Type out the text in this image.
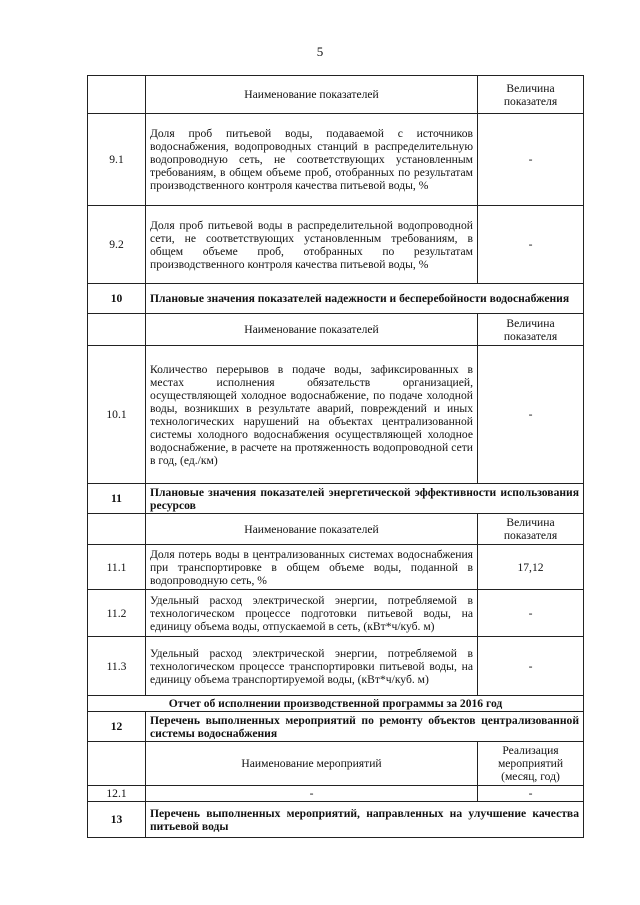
5
	Наименование показателей	Величина показателя
9.1	Доля проб питьевой воды, подаваемой с источников водоснабжения, водопроводных станций в распределительную водопроводную сеть, не соответствующих установленным требованиям, в общем объеме проб, отобранных по результатам производственного контроля качества питьевой воды, %	-
9.2	Доля проб питьевой воды в распределительной водопроводной сети, не соответствующих установленным требованиям, в общем объеме проб, отобранных по результатам производственного контроля качества питьевой воды, %	-
10	Плановые значения показателей надежности и бесперебойности водоснабжения	
	Наименование показателей	Величина показателя
10.1	Количество перерывов в подаче воды, зафиксированных в местах исполнения обязательств организацией, осуществляющей холодное водоснабжение, по подаче холодной воды, возникших в результате аварий, повреждений и иных технологических нарушений на объектах централизованной системы холодного водоснабжения осуществляющей холодное водоснабжение, в расчете на протяженность водопроводной сети в год, (ед./км)	-
11	Плановые значения показателей энергетической эффективности использования ресурсов	
	Наименование показателей	Величина показателя
11.1	Доля потерь воды в централизованных системах водоснабжения при транспортировке в общем объеме воды, поданной в водопроводную сеть, %	17,12
11.2	Удельный расход электрической энергии, потребляемой в технологическом процессе подготовки питьевой воды, на единицу объема воды, отпускаемой в сеть, (кВт*ч/куб. м)	-
11.3	Удельный расход электрической энергии, потребляемой в технологическом процессе транспортировки питьевой воды, на единицу объема транспортируемой воды, (кВт*ч/куб. м)	-
Отчет об исполнении производственной программы за 2016 год		
12	Перечень выполненных мероприятий по ремонту объектов централизованной системы водоснабжения	
	Наименование мероприятий	Реализация мероприятий (месяц, год)
12.1	-	-
13	Перечень выполненных мероприятий, направленных на улучшение качества питьевой воды	
